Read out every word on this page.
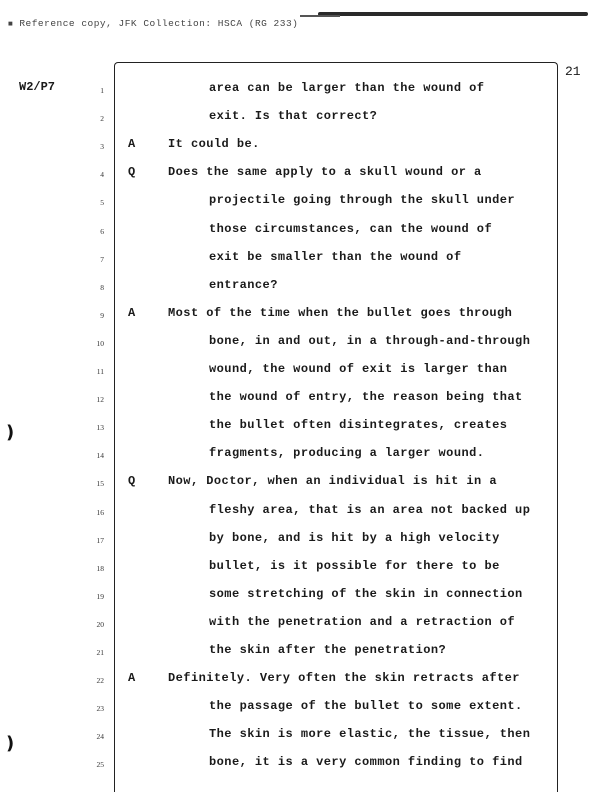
■ Reference copy, JFK Collection: HSCA (RG 233)
W2/P7
21
)
)
1	area can be larger than the wound of
2	exit. Is that correct?
3 A	It could be.
4 Q	Does the same apply to a skull wound or a
5	projectile going through the skull under
6	those circumstances, can the wound of
7	exit be smaller than the wound of
8	entrance?
9 A	Most of the time when the bullet goes through
10	bone, in and out, in a through-and-through
11	wound, the wound of exit is larger than
12	the wound of entry, the reason being that
13	the bullet often disintegrates, creates
14	fragments, producing a larger wound.
15 Q	Now, Doctor, when an individual is hit in a
16	fleshy area, that is an area not backed up
17	by bone, and is hit by a high velocity
18	bullet, is it possible for there to be
19	some stretching of the skin in connection
20	with the penetration and a retraction of
21	the skin after the penetration?
22 A	Definitely. Very often the skin retracts after
23	the passage of the bullet to some extent.
24	The skin is more elastic, the tissue, then
25	bone, it is a very common finding to find
